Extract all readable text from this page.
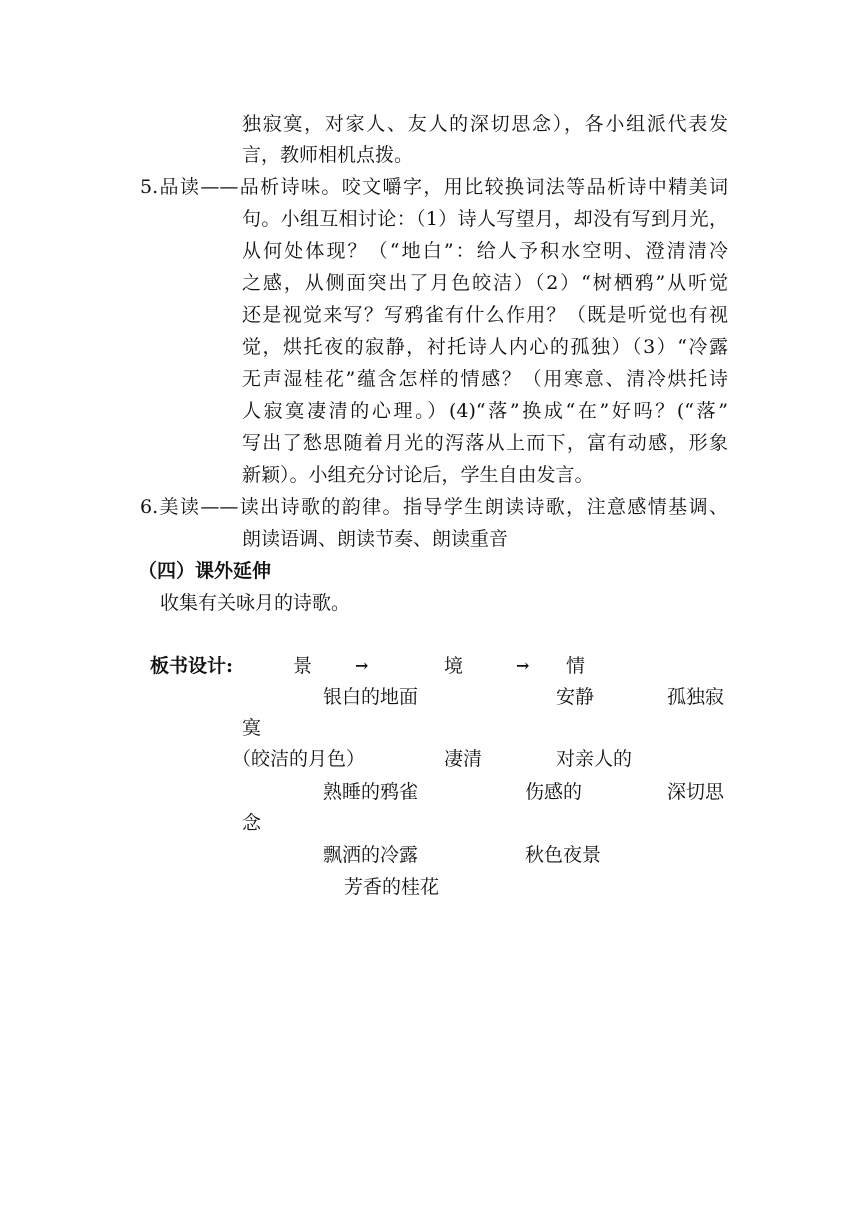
独寂寞，对家人、友人的深切思念），各小组派代表发

言，教师相机点拨。

5.品读——品析诗味。咬文嚼字，用比较换词法等品析诗中精美词

句。小组互相讨论：（1）诗人写望月，却没有写到月光，

从何处体现？（“地白”：给人予积水空明、澄清清冷

之感，从侧面突出了月色皎洁）（2）“树栖鸦”从听觉

还是视觉来写？写鸦雀有什么作用？（既是听觉也有视

觉，烘托夜的寂静，衬托诗人内心的孤独）（3）“冷露

无声湿桂花”蕴含怎样的情感？（用寒意、清冷烘托诗

人寂寞凄清的心理。）(4)“落”换成“在”好吗？(“落”

写出了愁思随着月光的泻落从上而下，富有动感，形象

新颖）。小组充分讨论后，学生自由发言。

6.美读——读出诗歌的韵律。指导学生朗读诗歌，注意感情基调、

朗读语调、朗读节奏、朗读重音

（四）课外延伸

收集有关咏月的诗歌。

板书设计:	景	→	境	→ 情

银白的地面	安静	孤独寂

寞

（皎洁的月色）	凄清	对亲人的

熟睡的鸦雀	伤感的	深切思

念

飘洒的冷露	秋色夜景

芳香的桂花
